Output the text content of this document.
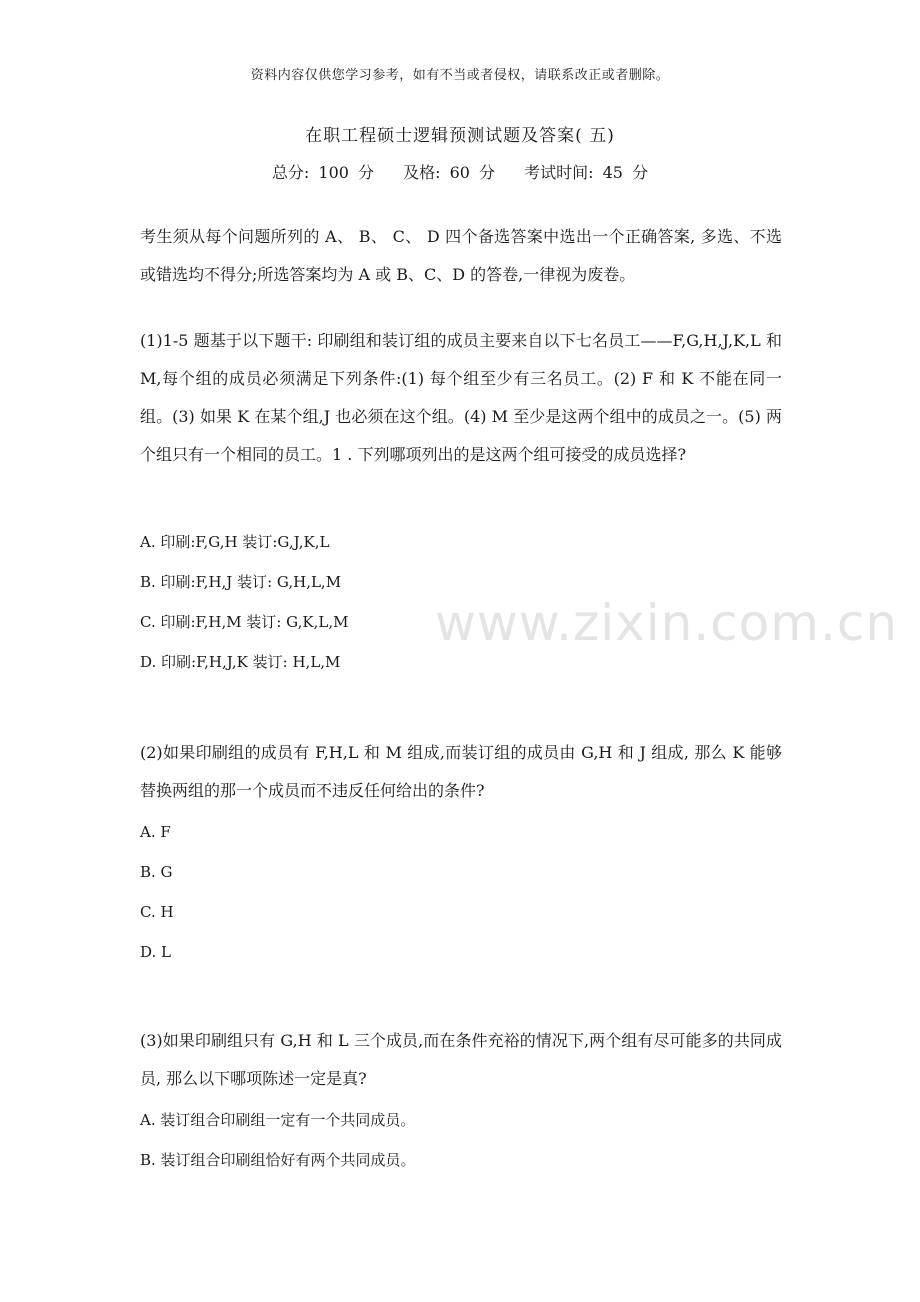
资料内容仅供您学习参考，如有不当或者侵权，请联系改正或者删除。
在职工程硕士逻辑预测试题及答案( 五)
总分: 100 分 及格: 60 分 考试时间: 45 分
考生须从每个问题所列的 A、 B、 C、 D 四个备选答案中选出一个正确答案, 多选、不选或错选均不得分;所选答案均为 A 或 B、C、D 的答卷,一律视为废卷。
www.zixin.com.cn
(1)1-5 题基于以下题干: 印刷组和装订组的成员主要来自以下七名员工——F,G,H,J,K,L 和 M,每个组的成员必须满足下列条件:(1) 每个组至少有三名员工。(2) F 和 K 不能在同一组。(3) 如果 K 在某个组,J 也必须在这个组。(4) M 至少是这两个组中的成员之一。(5) 两个组只有一个相同的员工。1 . 下列哪项列出的是这两个组可接受的成员选择?
A. 印刷:F,G,H 装订:G,J,K,L
B. 印刷:F,H,J 装订: G,H,L,M
C. 印刷:F,H,M 装订: G,K,L,M
D. 印刷:F,H,J,K 装订: H,L,M
(2)如果印刷组的成员有 F,H,L 和 M 组成,而装订组的成员由 G,H 和 J 组成, 那么 K 能够替换两组的那一个成员而不违反任何给出的条件?
A. F
B. G
C. H
D. L
(3)如果印刷组只有 G,H 和 L 三个成员,而在条件充裕的情况下,两个组有尽可能多的共同成员, 那么以下哪项陈述一定是真?
A. 装订组合印刷组一定有一个共同成员。
B. 装订组合印刷组恰好有两个共同成员。
